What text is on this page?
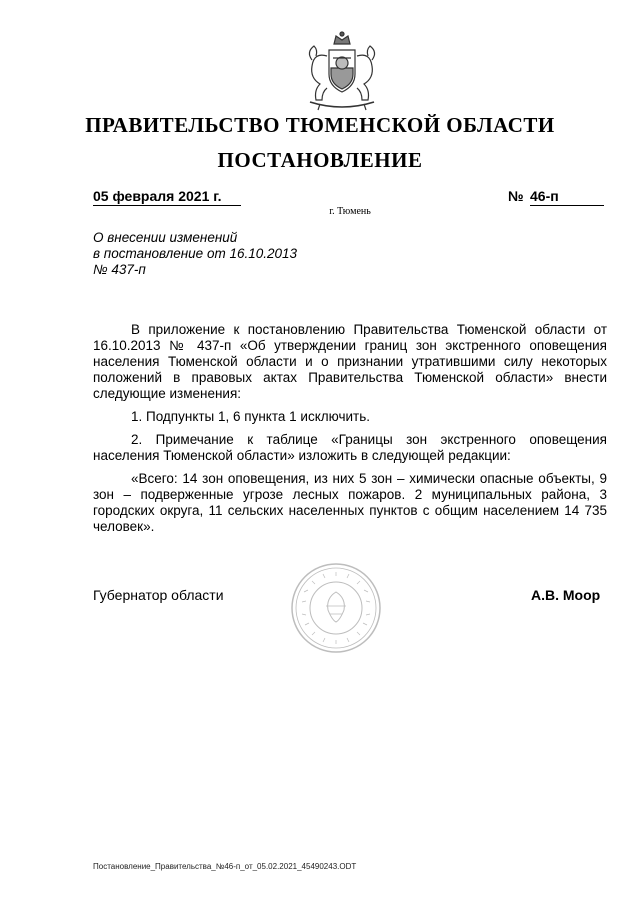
ПРАВИТЕЛЬСТВО ТЮМЕНСКОЙ ОБЛАСТИ
ПОСТАНОВЛЕНИЕ
05 февраля 2021 г.	№ 46-п
г. Тюмень
О внесении изменений
в постановление от 16.10.2013
№ 437-п

В приложение к постановлению Правительства Тюменской области от 16.10.2013 № 437-п «Об утверждении границ зон экстренного оповещения населения Тюменской области и о признании утратившими силу некоторых положений в правовых актах Правительства Тюменской области» внести следующие изменения:

1. Подпункты 1, 6 пункта 1 исключить.

2. Примечание к таблице «Границы зон экстренного оповещения населения Тюменской области» изложить в следующей редакции:

«Всего: 14 зон оповещения, из них 5 зон – химически опасные объекты, 9 зон – подверженные угрозе лесных пожаров. 2 муниципальных района, 3 городских округа, 11 сельских населенных пунктов с общим населением 14 735 человек».

Губернатор области	А.В. Моор
Постановление_Правительства_№46-п_от_05.02.2021_45490243.ODT
